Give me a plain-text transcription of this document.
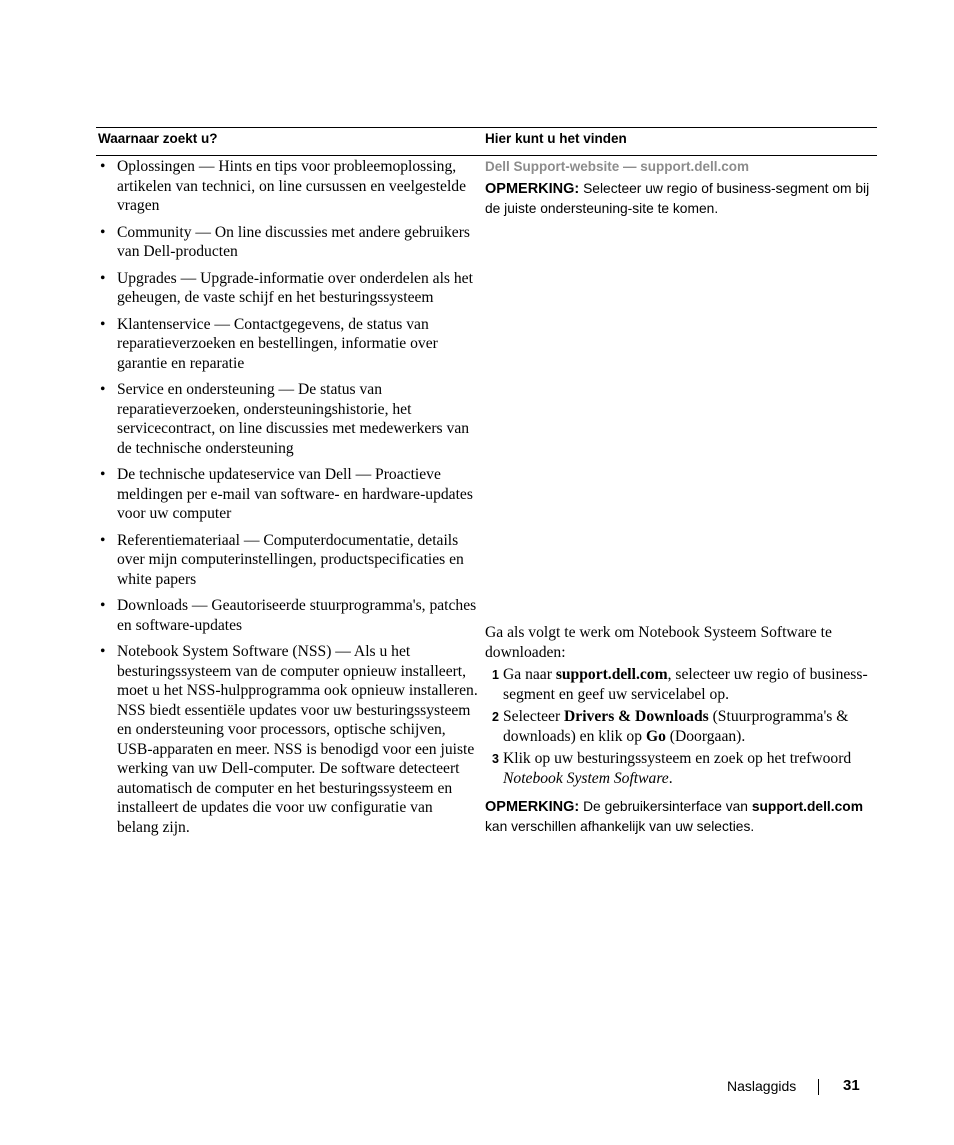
Waarnaar zoekt u?	Hier kunt u het vinden
• Oplossingen — Hints en tips voor probleemoplossing, artikelen van technici, on line cursussen en veelgestelde vragen
• Community — On line discussies met andere gebruikers van Dell-producten
• Upgrades — Upgrade-informatie over onderdelen als het geheugen, de vaste schijf en het besturingssysteem
• Klantenservice — Contactgegevens, de status van reparatieverzoeken en bestellingen, informatie over garantie en reparatie
• Service en ondersteuning — De status van reparatieverzoeken, ondersteuningshistorie, het servicecontract, on line discussies met medewerkers van de technische ondersteuning
• De technische updateservice van Dell — Proactieve meldingen per e-mail van software- en hardware-updates voor uw computer
• Referentiemateriaal — Computerdocumentatie, details over mijn computerinstellingen, productspecificaties en white papers
• Downloads — Geautoriseerde stuurprogramma's, patches en software-updates
• Notebook System Software (NSS) — Als u het besturingssysteem van de computer opnieuw installeert, moet u het NSS-hulpprogramma ook opnieuw installeren. NSS biedt essentiële updates voor uw besturingssysteem en ondersteuning voor processors, optische schijven, USB-apparaten en meer. NSS is benodigd voor een juiste werking van uw Dell-computer. De software detecteert automatisch de computer en het besturingssysteem en installeert de updates die voor uw configuratie van belang zijn.
Dell Support-website — support.dell.com
OPMERKING: Selecteer uw regio of business-segment om bij de juiste ondersteuning-site te komen.
Ga als volgt te werk om Notebook Systeem Software te downloaden:
1 Ga naar support.dell.com, selecteer uw regio of business-segment en geef uw servicelabel op.
2 Selecteer Drivers & Downloads (Stuurprogramma's & downloads) en klik op Go (Doorgaan).
3 Klik op uw besturingssysteem en zoek op het trefwoord Notebook System Software.
OPMERKING: De gebruikersinterface van support.dell.com kan verschillen afhankelijk van uw selecties.
Naslaggids	31
